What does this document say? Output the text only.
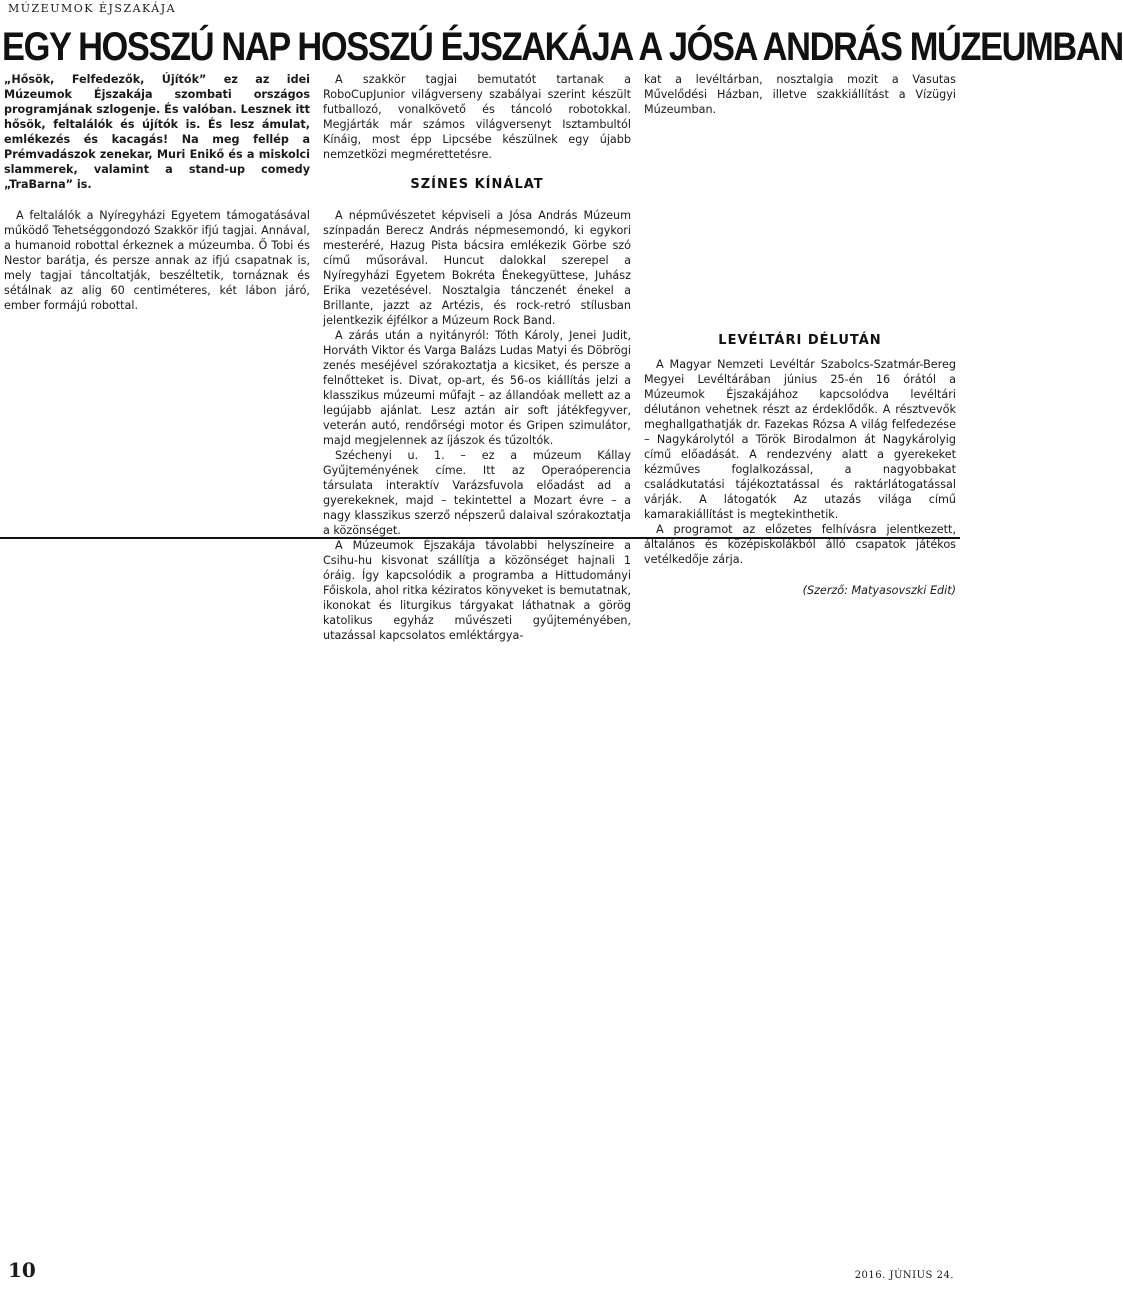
MÚZEUMOK ÉJSZAKÁJA

EGY HOSSZÚ NAP HOSSZÚ ÉJSZAKÁJA A JÓSA ANDRÁS MÚZEUMBAN

„Hősök, Felfedezők, Újítók” ez az idei Múzeumok Éjszakája szombati országos programjának szlogenje. És valóban. Lesznek itt hősök, feltalálók és újítók is. És lesz ámulat, emlékezés és kacagás! Na meg fellép a Prémvadászok zenekar, Muri Enikő és a miskolci slammerek, valamint a stand-up comedy „TraBarna” is.

A feltalálók a Nyíregyházi Egyetem támogatásával működő Tehetséggondozó Szakkör ifjú tagjai. Annával, a humanoid robottal érkeznek a múzeumba. Ő Tobi és Nestor barátja, és persze annak az ifjú csapatnak is, mely tagjai táncoltatják, beszéltetik, tornáznak és sétálnak az alig 60 centiméteres, két lábon járó, ember formájú robottal.

A szakkör tagjai bemutatót tartanak a RoboCupJunior világverseny szabályai szerint készült futballozó, vonalkövető és táncoló robotokkal. Megjárták már számos világversenyt Isztambultól Kínáig, most épp Lipcsébe készülnek egy újabb nemzetközi megmérettetésre.

SZÍNES KÍNÁLAT

A népművészetet képviseli a Jósa András Múzeum színpadán Berecz András népmesemondó, ki egykori mesteréré, Hazug Pista bácsira emlékezik Görbe szó című műsorával. Huncut dalokkal szerepel a Nyíregyházi Egyetem Bokréta Énekegyüttese, Juhász Erika vezetésével. Nosztalgia tánczenét énekel a Brillante, jazzt az Artézis, és rock-retró stílusban jelentkezik éjfélkor a Múzeum Rock Band.

A zárás után a nyitányról: Tóth Károly, Jenei Judit, Horváth Viktor és Varga Balázs Ludas Matyi és Döbrögi zenés meséjével szórakoztatja a kicsiket, és persze a felnőtteket is. Divat, op-art, és 56-os kiállítás jelzi a klasszikus múzeumi műfajt – az állandóak mellett az a legújabb ajánlat. Lesz aztán air soft játékfegyver, veterán autó, rendőrségi motor és Gripen szimulátor, majd megjelennek az íjászok és tűzoltók.

Széchenyi u. 1. – ez a múzeum Kállay Gyűjteményének címe. Itt az Operaóperencia társulata interaktív Varázsfuvola előadást ad a gyerekeknek, majd – tekintettel a Mozart évre – a nagy klasszikus szerző népszerű dalaival szórakoztatja a közönséget.

A Múzeumok Éjszakája távolabbi helyszíneire a Csihu-hu kisvonat szállítja a közönséget hajnali 1 óráig. Így kapcsolódik a programba a Hittudományi Főiskola, ahol ritka kéziratos könyveket is bemutatnak, ikonokat és liturgikus tárgyakat láthatnak a görög katolikus egyház művészeti gyűjteményében, utazással kapcsolatos emléktárgya-

kat a levéltárban, nosztalgia mozit a Vasutas Művelődési Házban, illetve szakkiállítást a Vízügyi Múzeumban.

LEVÉLTÁRI DÉLUTÁN

A Magyar Nemzeti Levéltár Szabolcs-Szatmár-Bereg Megyei Levéltárában június 25-én 16 órától a Múzeumok Éjszakájához kapcsolódva levéltári délutánon vehetnek részt az érdeklődők. A résztvevők meghallgathatják dr. Fazekas Rózsa A világ felfedezése – Nagykárolytól a Török Birodalmon át Nagykárolyig című előadását. A rendezvény alatt a gyerekeket kézműves foglalkozással, a nagyobbakat családkutatási tájékoztatással és raktárlátogatással várják. A látogatók Az utazás világa című kamarakiállítást is megtekinthetik.

A programot az előzetes felhívásra jelentkezett, általános és középiskolákból álló csapatok játékos vetélkedője zárja.

(Szerző: Matyasovszki Edit)

10	2016. JÚNIUS 24.
